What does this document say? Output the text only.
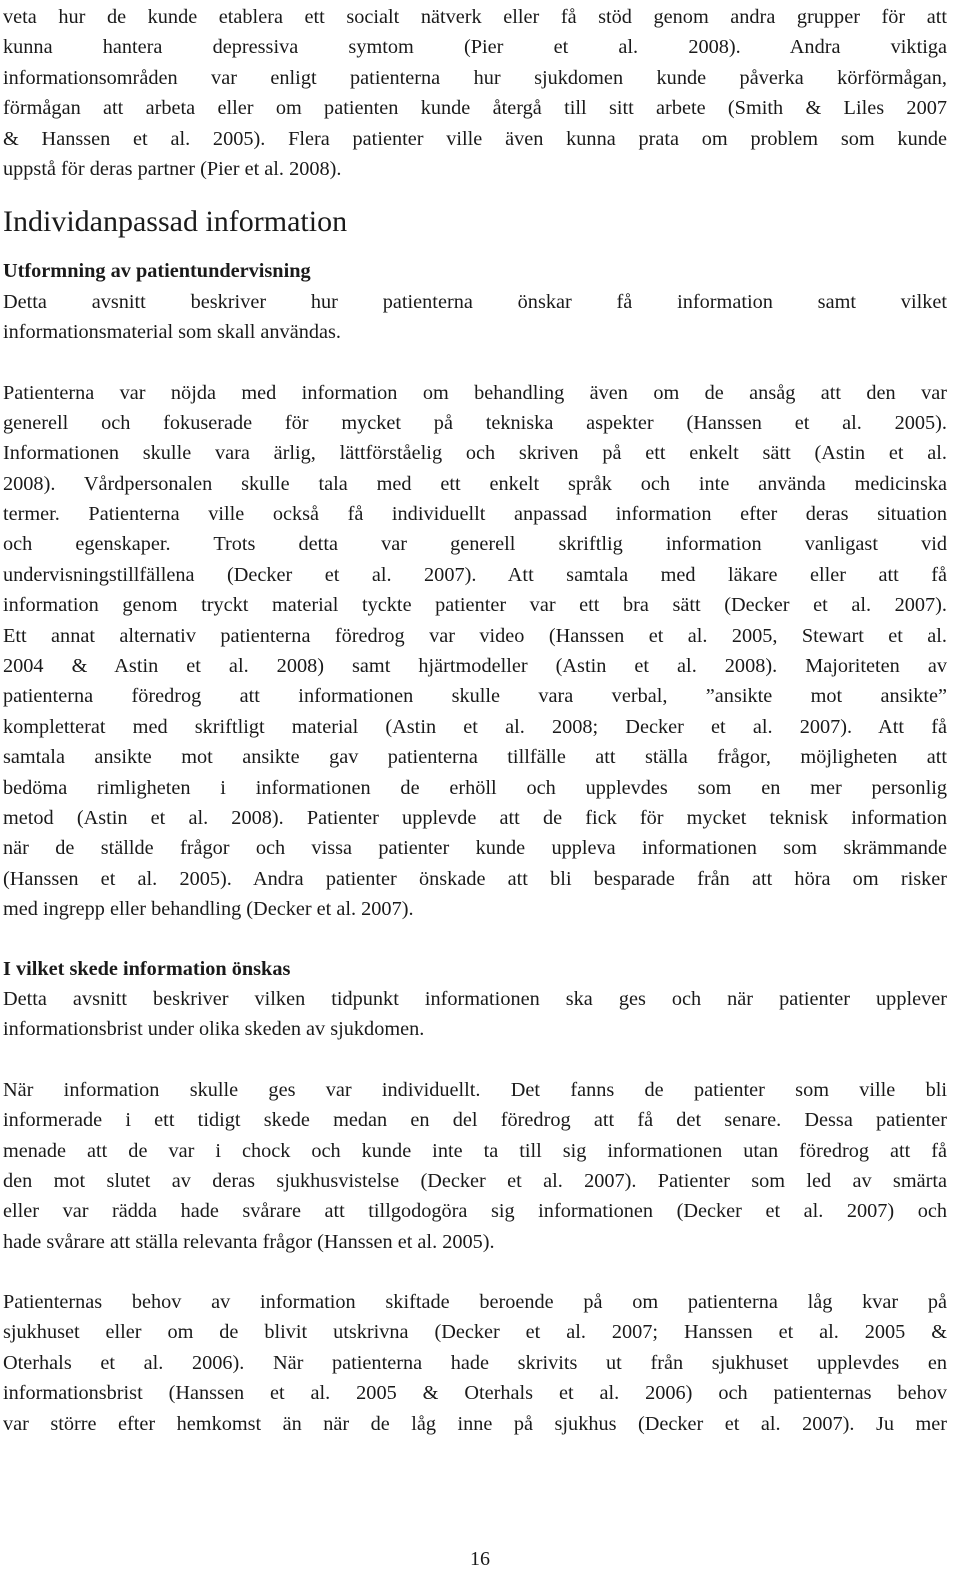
veta hur de kunde etablera ett socialt nätverk eller få stöd genom andra grupper för att
kunna hantera depressiva symtom (Pier et al. 2008). Andra viktiga
informationsområden var enligt patienterna hur sjukdomen kunde påverka körförmågan,
förmågan att arbeta eller om patienten kunde återgå till sitt arbete (Smith & Liles 2007
& Hanssen et al. 2005). Flera patienter ville även kunna prata om problem som kunde
uppstå för deras partner (Pier et al. 2008).
Individanpassad information
Utformning av patientundervisning
Detta avsnitt beskriver hur patienterna önskar få information samt vilket
informationsmaterial som skall användas.
Patienterna var nöjda med information om behandling även om de ansåg att den var
generell och fokuserade för mycket på tekniska aspekter (Hanssen et al. 2005).
Informationen skulle vara ärlig, lättförståelig och skriven på ett enkelt sätt (Astin et al.
2008). Vårdpersonalen skulle tala med ett enkelt språk och inte använda medicinska
termer. Patienterna ville också få individuellt anpassad information efter deras situation
och egenskaper. Trots detta var generell skriftlig information vanligast vid
undervisningstillfällena (Decker et al. 2007). Att samtala med läkare eller att få
information genom tryckt material tyckte patienter var ett bra sätt (Decker et al. 2007).
Ett annat alternativ patienterna föredrog var video (Hanssen et al. 2005, Stewart et al.
2004 & Astin et al. 2008) samt hjärtmodeller (Astin et al. 2008). Majoriteten av
patienterna föredrog att informationen skulle vara verbal, ”ansikte mot ansikte”
kompletterat med skriftligt material (Astin et al. 2008; Decker et al. 2007). Att få
samtala ansikte mot ansikte gav patienterna tillfälle att ställa frågor, möjligheten att
bedöma rimligheten i informationen de erhöll och upplevdes som en mer personlig
metod (Astin et al. 2008). Patienter upplevde att de fick för mycket teknisk information
när de ställde frågor och vissa patienter kunde uppleva informationen som skrämmande
(Hanssen et al. 2005). Andra patienter önskade att bli besparade från att höra om risker
med ingrepp eller behandling (Decker et al. 2007).
I vilket skede information önskas
Detta avsnitt beskriver vilken tidpunkt informationen ska ges och när patienter upplever
informationsbrist under olika skeden av sjukdomen.
När information skulle ges var individuellt. Det fanns de patienter som ville bli
informerade i ett tidigt skede medan en del föredrog att få det senare. Dessa patienter
menade att de var i chock och kunde inte ta till sig informationen utan föredrog att få
den mot slutet av deras sjukhusvistelse (Decker et al. 2007). Patienter som led av smärta
eller var rädda hade svårare att tillgodogöra sig informationen (Decker et al. 2007) och
hade svårare att ställa relevanta frågor (Hanssen et al. 2005).
Patienternas behov av information skiftade beroende på om patienterna låg kvar på
sjukhuset eller om de blivit utskrivna (Decker et al. 2007; Hanssen et al. 2005 &
Oterhals et al. 2006). När patienterna hade skrivits ut från sjukhuset upplevdes en
informationsbrist (Hanssen et al. 2005 & Oterhals et al. 2006) och patienternas behov
var större efter hemkomst än när de låg inne på sjukhus (Decker et al. 2007). Ju mer
16
